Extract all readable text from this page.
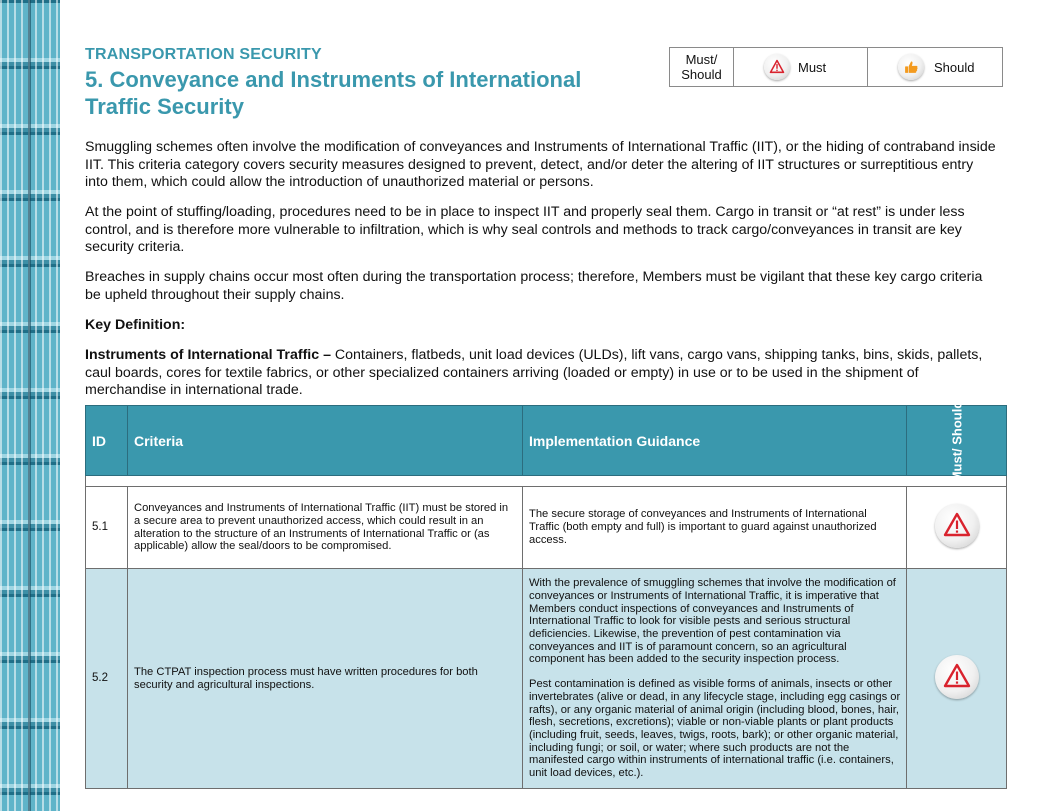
TRANSPORTATION SECURITY
5. Conveyance and Instruments of International Traffic Security
Must/ Should	Must	Should

Smuggling schemes often involve the modification of conveyances and Instruments of International Traffic (IIT), or the hiding of contraband inside IIT. This criteria category covers security measures designed to prevent, detect, and/or deter the altering of IIT structures or surreptitious entry into them, which could allow the introduction of unauthorized material or persons.

At the point of stuffing/loading, procedures need to be in place to inspect IIT and properly seal them. Cargo in transit or “at rest” is under less control, and is therefore more vulnerable to infiltration, which is why seal controls and methods to track cargo/conveyances in transit are key security criteria.

Breaches in supply chains occur most often during the transportation process; therefore, Members must be vigilant that these key cargo criteria be upheld throughout their supply chains.

Key Definition:

Instruments of International Traffic – Containers, flatbeds, unit load devices (ULDs), lift vans, cargo vans, shipping tanks, bins, skids, pallets, caul boards, cores for textile fabrics, or other specialized containers arriving (loaded or empty) in use or to be used in the shipment of merchandise in international trade.

ID	Criteria	Implementation Guidance	Must/ Should

5.1	Conveyances and Instruments of International Traffic (IIT) must be stored in a secure area to prevent unauthorized access, which could result in an alteration to the structure of an Instruments of International Traffic or (as applicable) allow the seal/doors to be compromised.	The secure storage of conveyances and Instruments of International Traffic (both empty and full) is important to guard against unauthorized access.

5.2	The CTPAT inspection process must have written procedures for both security and agricultural inspections.	With the prevalence of smuggling schemes that involve the modification of conveyances or Instruments of International Traffic, it is imperative that Members conduct inspections of conveyances and Instruments of International Traffic to look for visible pests and serious structural deficiencies. Likewise, the prevention of pest contamination via conveyances and IIT is of paramount concern, so an agricultural component has been added to the security inspection process.

Pest contamination is defined as visible forms of animals, insects or other invertebrates (alive or dead, in any lifecycle stage, including egg casings or rafts), or any organic material of animal origin (including blood, bones, hair, flesh, secretions, excretions); viable or non-viable plants or plant products (including fruit, seeds, leaves, twigs, roots, bark); or other organic material, including fungi; or soil, or water; where such products are not the manifested cargo within instruments of international traffic (i.e. containers, unit load devices, etc.).
